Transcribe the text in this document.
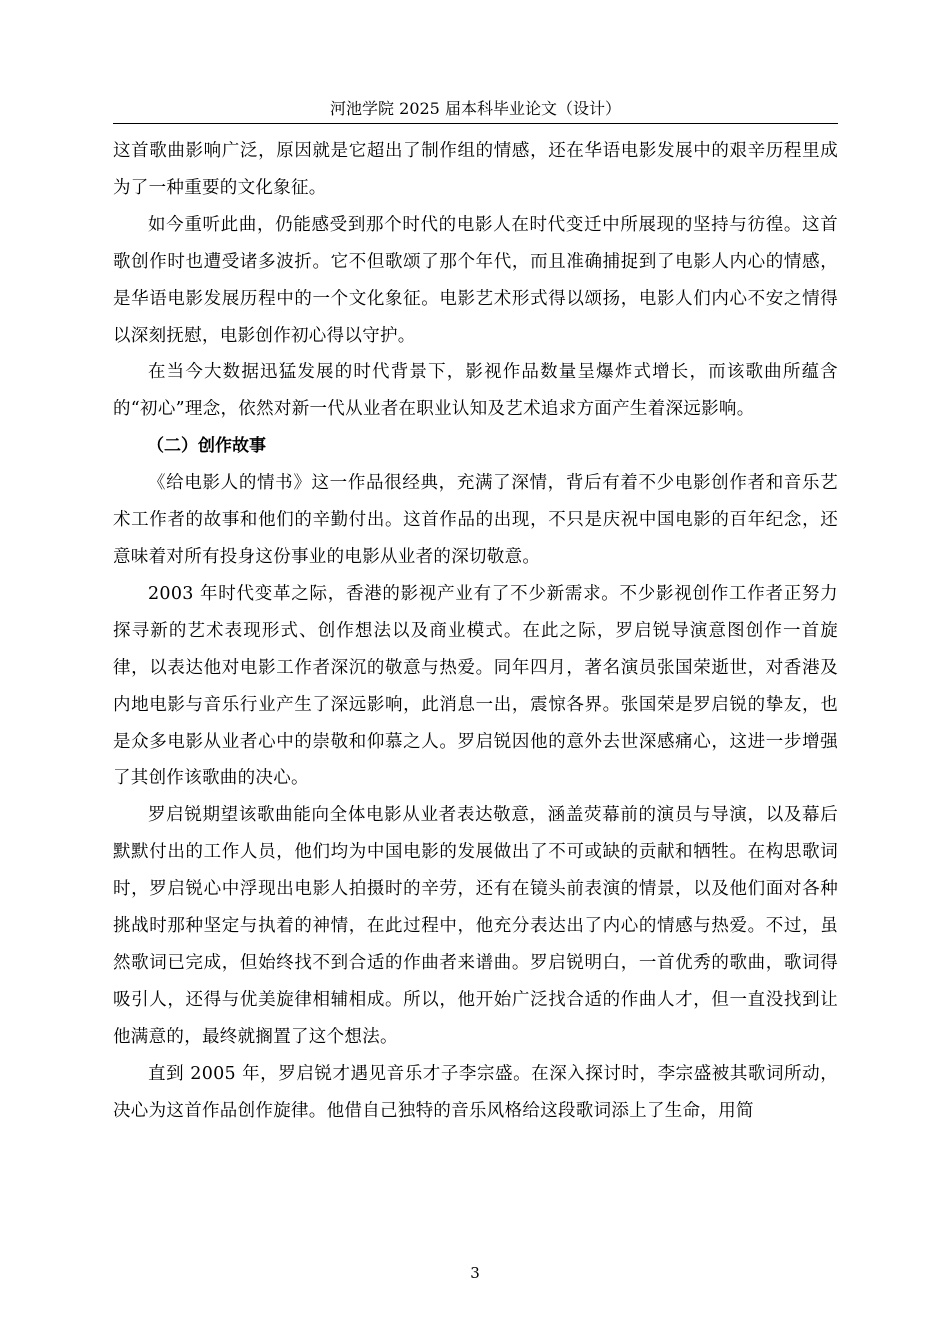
河池学院 2025 届本科毕业论文（设计）

这首歌曲影响广泛，原因就是它超出了制作组的情感，还在华语电影发展中的艰辛历程里成为了一种重要的文化象征。

如今重听此曲，仍能感受到那个时代的电影人在时代变迁中所展现的坚持与彷徨。这首歌创作时也遭受诸多波折。它不但歌颂了那个年代，而且准确捕捉到了电影人内心的情感，是华语电影发展历程中的一个文化象征。电影艺术形式得以颂扬，电影人们内心不安之情得以深刻抚慰，电影创作初心得以守护。

在当今大数据迅猛发展的时代背景下，影视作品数量呈爆炸式增长，而该歌曲所蕴含的“初心”理念，依然对新一代从业者在职业认知及艺术追求方面产生着深远影响。

（二）创作故事

《给电影人的情书》这一作品很经典，充满了深情，背后有着不少电影创作者和音乐艺术工作者的故事和他们的辛勤付出。这首作品的出现，不只是庆祝中国电影的百年纪念，还意味着对所有投身这份事业的电影从业者的深切敬意。

2003 年时代变革之际，香港的影视产业有了不少新需求。不少影视创作工作者正努力探寻新的艺术表现形式、创作想法以及商业模式。在此之际，罗启锐导演意图创作一首旋律，以表达他对电影工作者深沉的敬意与热爱。同年四月，著名演员张国荣逝世，对香港及内地电影与音乐行业产生了深远影响，此消息一出，震惊各界。张国荣是罗启锐的挚友，也是众多电影从业者心中的崇敬和仰慕之人。罗启锐因他的意外去世深感痛心，这进一步增强了其创作该歌曲的决心。

罗启锐期望该歌曲能向全体电影从业者表达敬意，涵盖荧幕前的演员与导演，以及幕后默默付出的工作人员，他们均为中国电影的发展做出了不可或缺的贡献和牺牲。在构思歌词时，罗启锐心中浮现出电影人拍摄时的辛劳，还有在镜头前表演的情景，以及他们面对各种挑战时那种坚定与执着的神情，在此过程中，他充分表达出了内心的情感与热爱。不过，虽然歌词已完成，但始终找不到合适的作曲者来谱曲。罗启锐明白，一首优秀的歌曲，歌词得吸引人，还得与优美旋律相辅相成。所以，他开始广泛找合适的作曲人才，但一直没找到让他满意的，最终就搁置了这个想法。

直到 2005 年，罗启锐才遇见音乐才子李宗盛。在深入探讨时，李宗盛被其歌词所动，决心为这首作品创作旋律。他借自己独特的音乐风格给这段歌词添上了生命，用简

3
